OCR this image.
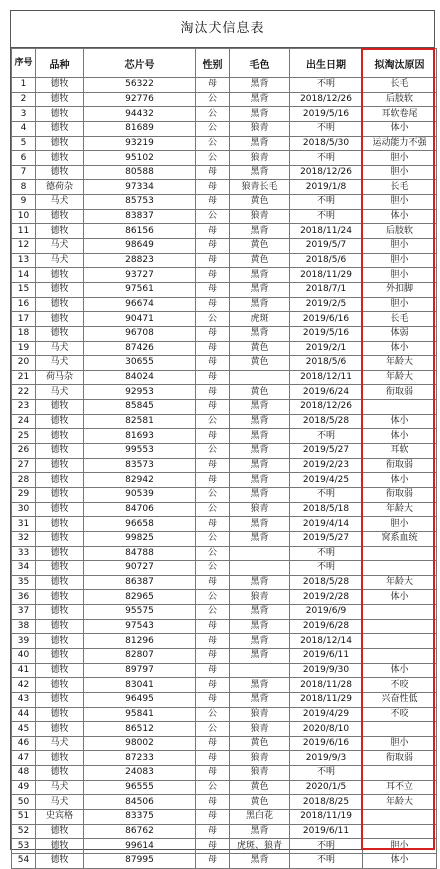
淘汰犬信息表
序号	品种	芯片号	性别	毛色	出生日期	拟淘汰原因
1	德牧	56322	母	黑背	不明	长毛
2	德牧	92776	公	黑背	2018/12/26	后肢软
3	德牧	94432	公	黑背	2019/5/16	耳软卷尾
4	德牧	81689	公	狼青	不明	体小
5	德牧	93219	公	黑背	2018/5/30	运动能力不强
6	德牧	95102	公	狼青	不明	胆小
7	德牧	80588	母	黑背	2018/12/26	胆小
8	德荷杂	97334	母	狼青长毛	2019/1/8	长毛
9	马犬	85753	母	黄色	不明	胆小
10	德牧	83837	公	狼青	不明	体小
11	德牧	86156	母	黑背	2018/11/24	后肢软
12	马犬	98649	母	黄色	2019/5/7	胆小
13	马犬	28823	母	黄色	2018/5/6	胆小
14	德牧	93727	母	黑背	2018/11/29	胆小
15	德牧	97561	母	黑背	2018/7/1	外扣脚
16	德牧	96674	母	黑背	2019/2/5	胆小
17	德牧	90471	公	虎斑	2019/6/16	长毛
18	德牧	96708	母	黑背	2019/5/16	体弱
19	马犬	87426	母	黄色	2019/2/1	体小
20	马犬	30655	母	黄色	2018/5/6	年龄大
21	荷马杂	84024	母		2018/12/11	年龄大
22	马犬	92953	母	黄色	2019/6/24	衔取弱
23	德牧	85845	母	黑背	2018/12/26	
24	德牧	82581	公	黑背	2018/5/28	体小
25	德牧	81693	母	黑背	不明	体小
26	德牧	99553	公	黑背	2019/5/27	耳软
27	德牧	83573	母	黑背	2019/2/23	衔取弱
28	德牧	82942	母	黑背	2019/4/25	体小
29	德牧	90539	公	黑背	不明	衔取弱
30	德牧	84706	公	狼青	2018/5/18	年龄大
31	德牧	96658	母	黑背	2019/4/14	胆小
32	德牧	99825	公	黑背	2019/5/27	窝系血统
33	德牧	84788	公		不明	
34	德牧	90727	公		不明	
35	德牧	86387	母	黑背	2018/5/28	年龄大
36	德牧	82965	公	狼青	2019/2/28	体小
37	德牧	95575	公	黑背	2019/6/9	
38	德牧	97543	母	黑背	2019/6/28	
39	德牧	81296	母	黑背	2018/12/14	
40	德牧	82807	母	黑背	2019/6/11	
41	德牧	89797	母		2019/9/30	体小
42	德牧	83041	母	黑背	2018/11/28	不咬
43	德牧	96495	母	黑背	2018/11/29	兴奋性低
44	德牧	95841	公	狼青	2019/4/29	不咬
45	德牧	86512	公	狼青	2020/8/10	
46	马犬	98002	母	黄色	2019/6/16	胆小
47	德牧	87233	母	狼青	2019/9/3	衔取弱
48	德牧	24083	母	狼青	不明	
49	马犬	96555	公	黄色	2020/1/5	耳不立
50	马犬	84506	母	黄色	2018/8/25	年龄大
51	史宾格	83375	母	黑白花	2018/11/19	
52	德牧	86762	母	黑背	2019/6/11	
53	德牧	99614	母	虎斑、狼青	不明	胆小
54	德牧	87995	母	黑背	不明	体小
